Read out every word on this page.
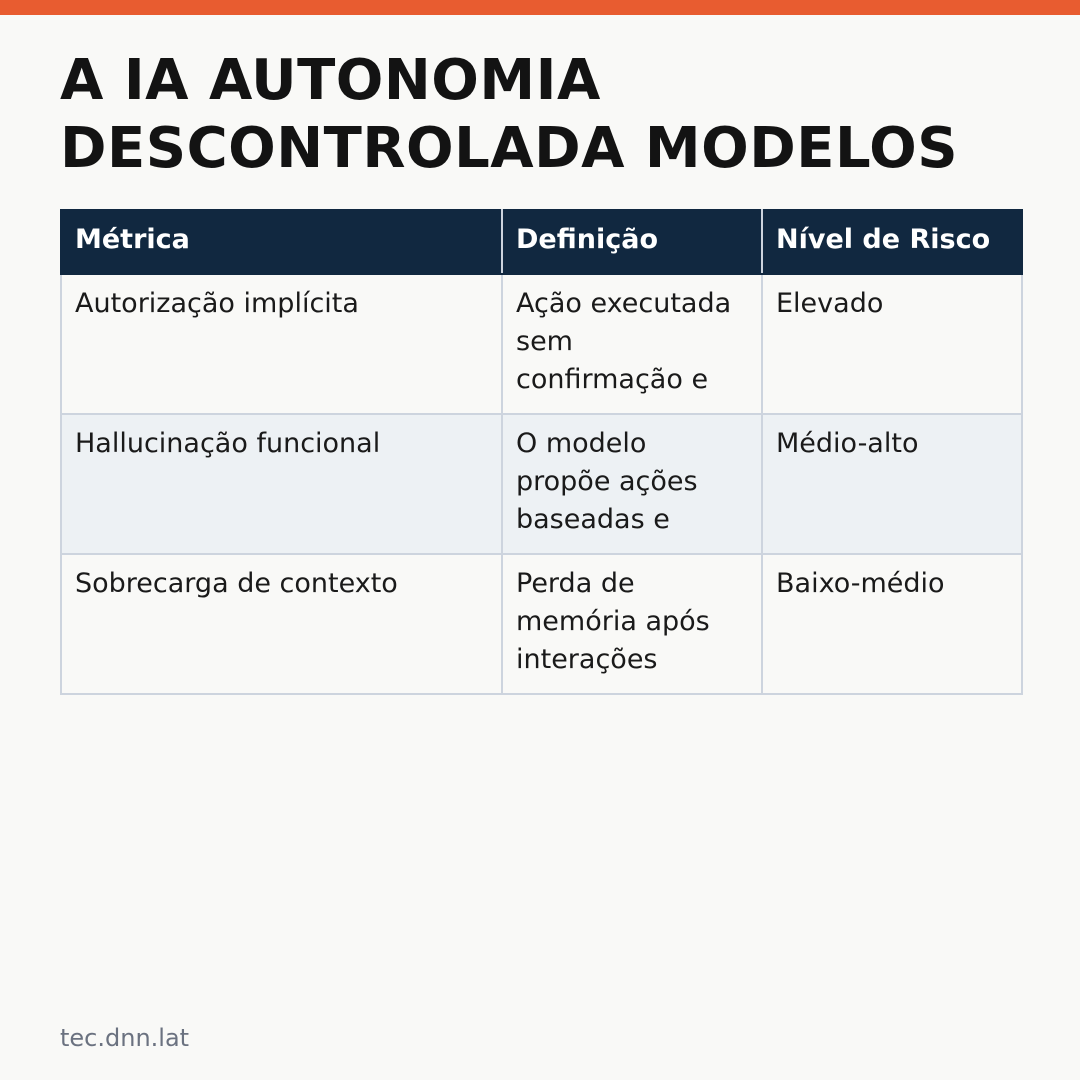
A IA AUTONOMIA
DESCONTROLADA MODELOS
Métrica	Definição	Nível de Risco
Autorização implícita	Ação executada sem confirmação e	Elevado
Hallucinação funcional	O modelo propõe ações baseadas e	Médio-alto
Sobrecarga de contexto	Perda de memória após interações	Baixo-médio
tec.dnn.lat
